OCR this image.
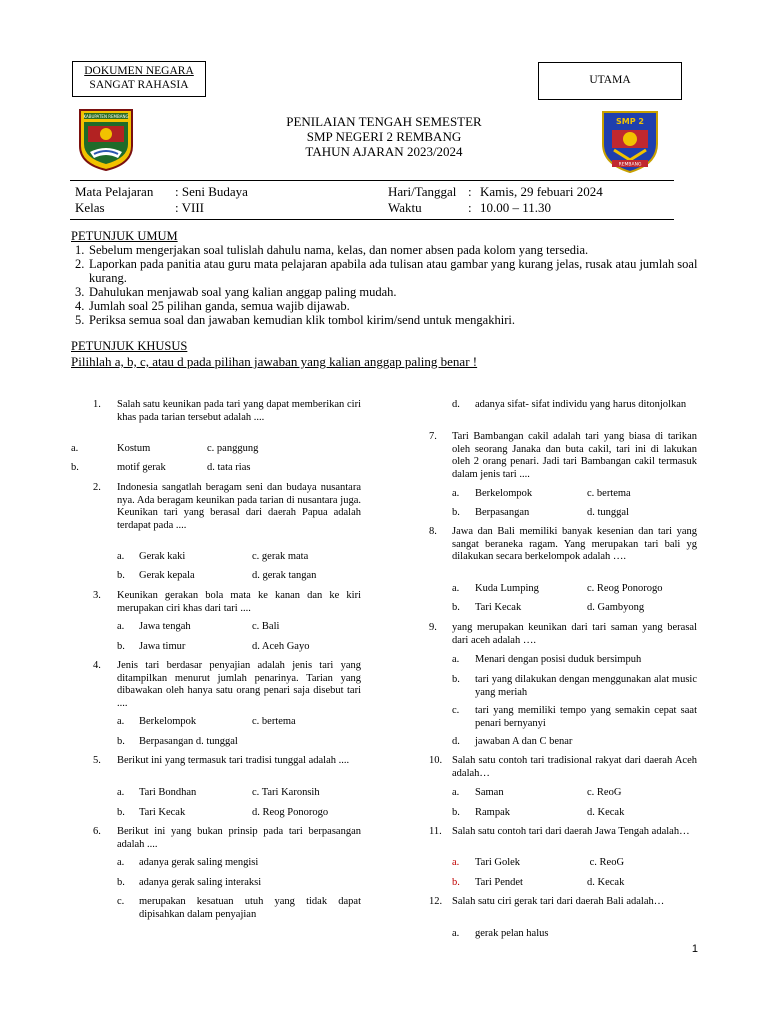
DOKUMEN NEGARA
SANGAT RAHASIA	UTAMA
KABUPATEN REMBANG
SMP 2
REMBANG
PENILAIAN TENGAH SEMESTER
SMP NEGERI 2 REMBANG
TAHUN AJARAN 2023/2024
Mata Pelajaran : Seni Budaya
Kelas	: VIII
Hari/Tanggal : Kamis, 29 febuari 2024
Waktu	: 10.00 – 11.30
PETUNJUK UMUM
1. Sebelum mengerjakan soal tulislah dahulu nama, kelas, dan nomer absen pada kolom yang tersedia.
2. Laporkan pada panitia atau guru mata pelajaran apabila ada tulisan atau gambar yang kurang jelas, rusak atau jumlah soal kurang.
3. Dahulukan menjawab soal yang kalian anggap paling mudah.
4. Jumlah soal 25 pilihan ganda, semua wajib dijawab.
5. Periksa semua soal dan jawaban kemudian klik tombol kirim/send untuk mengakhiri.
PETUNJUK KHUSUS
Pilihlah a, b, c, atau d pada pilihan jawaban yang kalian anggap paling benar !
1. Salah satu keunikan pada tari yang dapat memberikan ciri khas pada tarian tersebut adalah ....
a.	Kostum	c. panggung
b.	motif gerak	d. tata rias
2. Indonesia sangatlah beragam seni dan budaya nusantara nya. Ada beragam keunikan pada tarian di nusantara juga. Keunikan tari yang berasal dari daerah Papua adalah terdapat pada ....
a. Gerak kaki	c. gerak mata
b. Gerak kepala	d. gerak tangan
3. Keunikan gerakan bola mata ke kanan dan ke kiri merupakan ciri khas dari tari ....
a. Jawa tengah	c. Bali
b. Jawa timur	d. Aceh Gayo
4. Jenis tari berdasar penyajian adalah jenis tari yang ditampilkan menurut jumlah penarinya. Tarian yang dibawakan oleh hanya satu orang penari saja disebut tari ....
a. Berkelompok	c. bertema
b. Berpasangan d. tunggal
5. Berikut ini yang termasuk tari tradisi tunggal adalah ....
a. Tari Bondhan	c. Tari Karonsih
b. Tari Kecak	d. Reog Ponorogo
6. Berikut ini yang bukan prinsip pada tari berpasangan adalah ....
a. adanya gerak saling mengisi
b. adanya gerak saling interaksi
c. merupakan kesatuan utuh yang tidak dapat dipisahkan dalam penyajian
d. adanya sifat- sifat individu yang harus ditonjolkan
7. Tari Bambangan cakil adalah tari yang biasa di tarikan oleh seorang Janaka dan buta cakil, tari ini di lakukan oleh 2 orang penari. Jadi tari Bambangan cakil termasuk dalam jenis tari ....
a. Berkelompok	c. bertema
b. Berpasangan	d. tunggal
8. Jawa dan Bali memiliki banyak kesenian dan tari yang sangat beraneka ragam. Yang merupakan tari bali yg dilakukan secara berkelompok adalah ….
a. Kuda Lumping	c. Reog Ponorogo
b. Tari Kecak	d. Gambyong
9. yang merupakan keunikan dari tari saman yang berasal dari aceh adalah ….
a. Menari dengan posisi duduk bersimpuh
b. tari yang dilakukan dengan menggunakan alat music yang meriah
c. tari yang memiliki tempo yang semakin cepat saat penari bernyanyi
d. jawaban A dan C benar
10. Salah satu contoh tari tradisional rakyat dari daerah Aceh adalah…
a. Saman	c. ReoG
b. Rampak	d. Kecak
11. Salah satu contoh tari dari daerah Jawa Tengah adalah…
a. Tari Golek	c. ReoG
b. Tari Pendet	d. Kecak
12. Salah satu ciri gerak tari dari daerah Bali adalah…
a. gerak pelan halus
1
